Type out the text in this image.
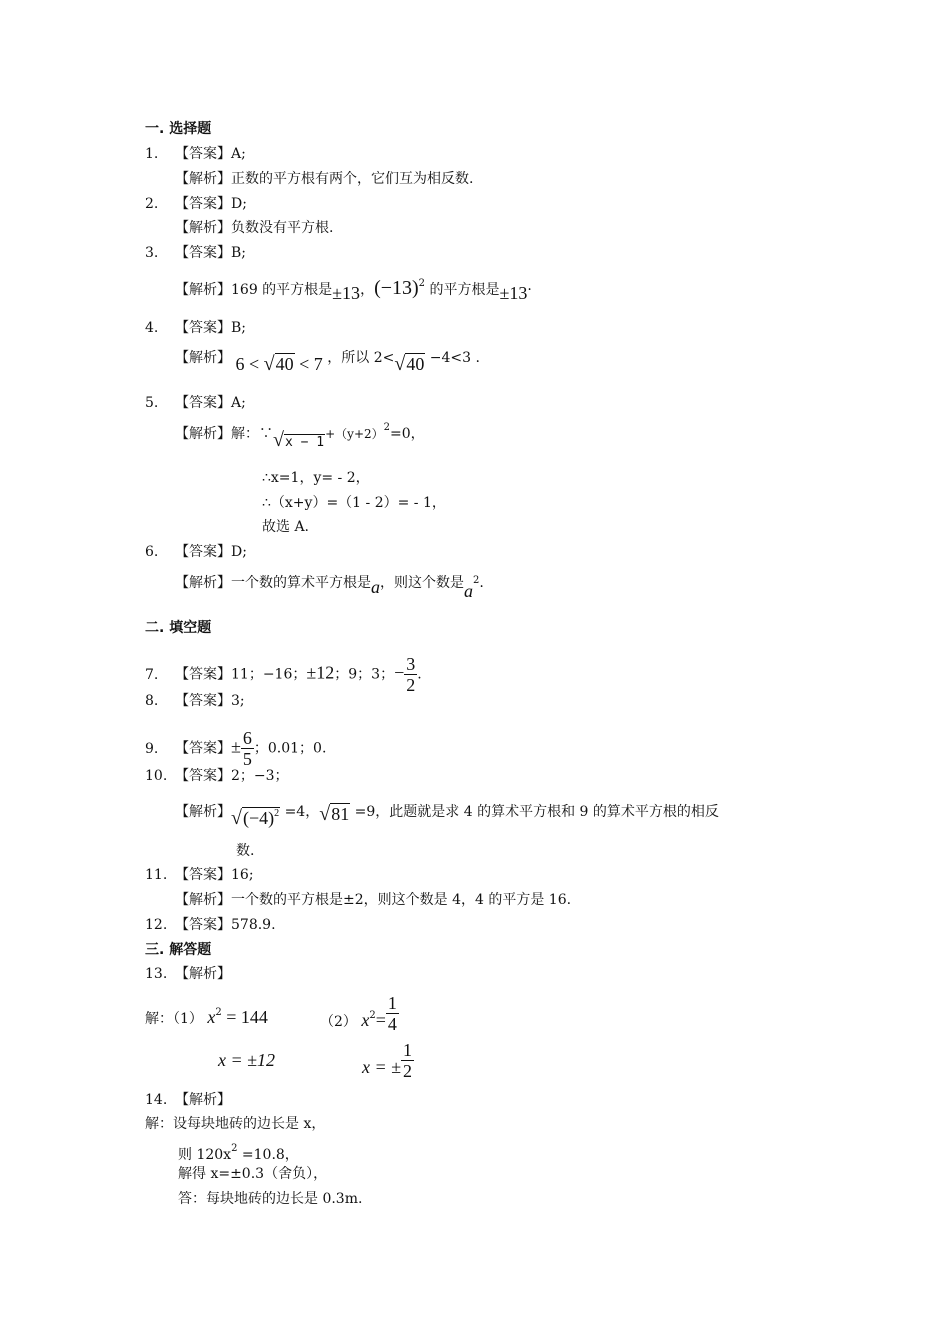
一. 选择题
1. 【答案】A;
【解析】正数的平方根有两个，它们互为相反数.
2. 【答案】D;
【解析】负数没有平方根.
3. 【答案】B;
【解析】169 的平方根是±13，$(-13)^2$ 的平方根是±13·
4. 【答案】B;
【解析】 6 < √40 < 7 ，所以 2<√40 −4<3 .
5. 【答案】A;
【解析】解：∵√x − $1+(y+2)^2=0$，
∴x=1，y= - 2，
∴（x+y）=（1 - 2）= - 1，
故选 A.
6. 【答案】D;
【解析】一个数的算术平方根是a，则这个数是$a^2$.
二. 填空题
7. 【答案】11；−16；±12；9；3；− $\frac{3}{2}$ .
8. 【答案】3;
9. 【答案】± $\frac{6}{5}$ ；0.01；0.
10. 【答案】2；−3；
【解析】$√(-4)^2 =4$，√81 =9，此题就是求 4 的算术平方根和 9 的算术平方根的相反
数.
11. 【答案】16;
【解析】一个数的平方根是±2，则这个数是 4，4 的平方是 16.
12. 【答案】578.9.
三. 解答题
13. 【解析】
解：（1） $x^2 = 144$	（2） $x2= \frac{1}{4}$
x = ±12	x = ± $\frac{1}{2}$
14. 【解析】
解：设每块地砖的边长是 x，
则 $120x^2 =10.8$，
解得 x=±0.3（舍负），
答：每块地砖的边长是 0.3m.
